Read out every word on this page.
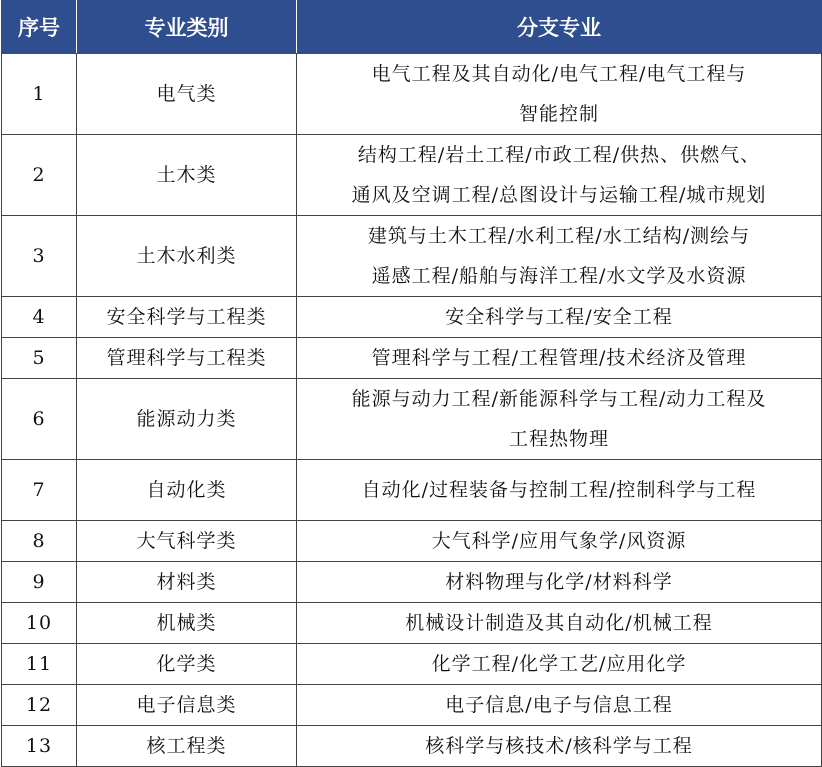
序号	专业类别	分支专业
1	电气类	电气工程及其自动化/电气工程/电气工程与
智能控制

2	土木类	结构工程/岩土工程/市政工程/供热、供燃气、
通风及空调工程/总图设计与运输工程/城市规划

3	土木水利类	建筑与土木工程/水利工程/水工结构/测绘与
遥感工程/船舶与海洋工程/水文学及水资源

4	安全科学与工程类	安全科学与工程/安全工程

5	管理科学与工程类	管理科学与工程/工程管理/技术经济及管理

6	能源动力类	能源与动力工程/新能源科学与工程/动力工程及
工程热物理

7	自动化类	自动化/过程装备与控制工程/控制科学与工程

8	大气科学类	大气科学/应用气象学/风资源

9	材料类	材料物理与化学/材料科学

10	机械类	机械设计制造及其自动化/机械工程

11	化学类	化学工程/化学工艺/应用化学

12	电子信息类	电子信息/电子与信息工程

13	核工程类	核科学与核技术/核科学与工程
